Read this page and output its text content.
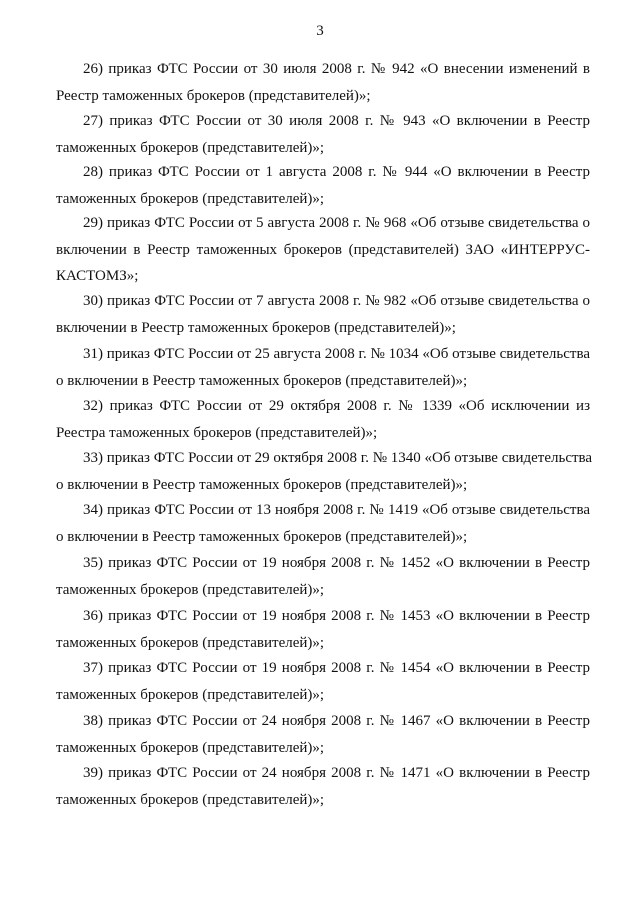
3
26) приказ ФТС России от 30 июля 2008 г. № 942 «О внесении изменений в
Реестр таможенных брокеров (представителей)»;
27) приказ ФТС России от 30 июля 2008 г. № 943 «О включении в Реестр
таможенных брокеров (представителей)»;
28) приказ ФТС России от 1 августа 2008 г. № 944 «О включении в Реестр
таможенных брокеров (представителей)»;
29) приказ ФТС России от 5 августа 2008 г. № 968 «Об отзыве свидетельства о
включении в Реестр таможенных брокеров (представителей) ЗАО «ИНТЕРРУС-
КАСТОМЗ»;
30) приказ ФТС России от 7 августа 2008 г. № 982 «Об отзыве свидетельства о
включении в Реестр таможенных брокеров (представителей)»;
31) приказ ФТС России от 25 августа 2008 г. № 1034 «Об отзыве свидетельства
о включении в Реестр таможенных брокеров (представителей)»;
32) приказ ФТС России от 29 октября 2008 г. № 1339 «Об исключении из
Реестра таможенных брокеров (представителей)»;
33) приказ ФТС России от 29 октября 2008 г. № 1340 «Об отзыве свидетельства
о включении в Реестр таможенных брокеров (представителей)»;
34) приказ ФТС России от 13 ноября 2008 г. № 1419 «Об отзыве свидетельства
о включении в Реестр таможенных брокеров (представителей)»;
35) приказ ФТС России от 19 ноября 2008 г. № 1452 «О включении в Реестр
таможенных брокеров (представителей)»;
36) приказ ФТС России от 19 ноября 2008 г. № 1453 «О включении в Реестр
таможенных брокеров (представителей)»;
37) приказ ФТС России от 19 ноября 2008 г. № 1454 «О включении в Реестр
таможенных брокеров (представителей)»;
38) приказ ФТС России от 24 ноября 2008 г. № 1467 «О включении в Реестр
таможенных брокеров (представителей)»;
39) приказ ФТС России от 24 ноября 2008 г. № 1471 «О включении в Реестр
таможенных брокеров (представителей)»;
